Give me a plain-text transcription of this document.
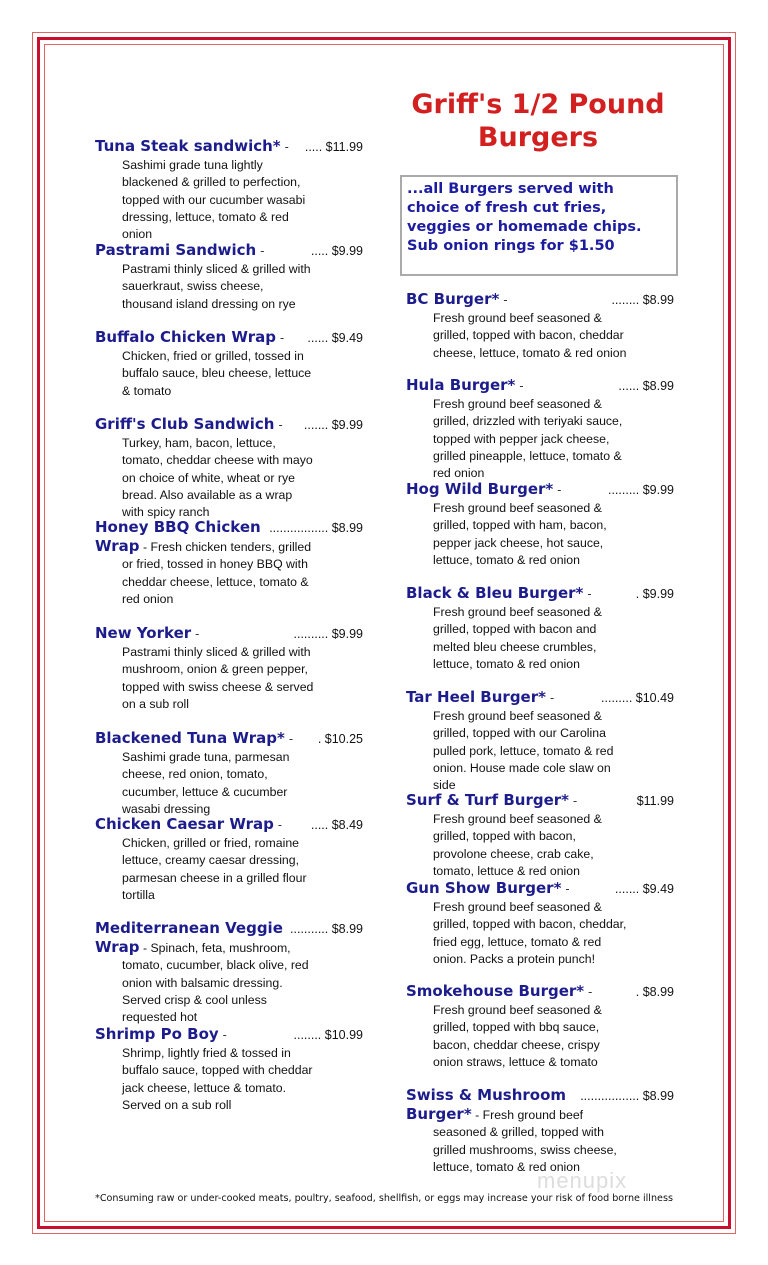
Griff's 1/2 Pound Burgers
...all Burgers served with choice of fresh cut fries, veggies or homemade chips. Sub onion rings for $1.50
Tuna Steak sandwich* - ..... $11.99
Sashimi grade tuna lightly blackened & grilled to perfection, topped with our cucumber wasabi dressing, lettuce, tomato & red onion
Pastrami Sandwich -	..... $9.99
Pastrami thinly sliced & grilled with sauerkraut, swiss cheese, thousand island dressing on rye
Buffalo Chicken Wrap - ...... $9.49
Chicken, fried or grilled, tossed in buffalo sauce, bleu cheese, lettuce & tomato
Griff's Club Sandwich - ....... $9.99
Turkey, ham, bacon, lettuce, tomato, cheddar cheese with mayo on choice of white, wheat or rye bread. Also available as a wrap with spicy ranch
Honey BBQ Chicken ................. $8.99
Wrap - Fresh chicken tenders, grilled
or fried, tossed in honey BBQ with cheddar cheese, lettuce, tomato & red onion
New Yorker -	.......... $9.99
Pastrami thinly sliced & grilled with mushroom, onion & green pepper, topped with swiss cheese & served on a sub roll
Blackened Tuna Wrap* - . $10.25
Sashimi grade tuna, parmesan cheese, red onion, tomato, cucumber, lettuce & cucumber wasabi dressing
Chicken Caesar Wrap - ..... $8.49
Chicken, grilled or fried, romaine lettuce, creamy caesar dressing, parmesan cheese in a grilled flour tortilla
Mediterranean Veggie ........... $8.99
Wrap - Spinach, feta, mushroom,
tomato, cucumber, black olive, red onion with balsamic dressing. Served crisp & cool unless requested hot
Shrimp Po Boy -	........ $10.99
Shrimp, lightly fried & tossed in buffalo sauce, topped with cheddar jack cheese, lettuce & tomato. Served on a sub roll
BC Burger* -	........ $8.99
Fresh ground beef seasoned & grilled, topped with bacon, cheddar cheese, lettuce, tomato & red onion
Hula Burger* -	...... $8.99
Fresh ground beef seasoned & grilled, drizzled with teriyaki sauce, topped with pepper jack cheese, grilled pineapple, lettuce, tomato & red onion
Hog Wild Burger* -	......... $9.99
Fresh ground beef seasoned & grilled, topped with ham, bacon, pepper jack cheese, hot sauce, lettuce, tomato & red onion
Black & Bleu Burger* -	. $9.99
Fresh ground beef seasoned & grilled, topped with bacon and melted bleu cheese crumbles, lettuce, tomato & red onion
Tar Heel Burger* -	......... $10.49
Fresh ground beef seasoned & grilled, topped with our Carolina pulled pork, lettuce, tomato & red onion. House made cole slaw on side
Surf & Turf Burger* -	$11.99
Fresh ground beef seasoned & grilled, topped with bacon, provolone cheese, crab cake, tomato, lettuce & red onion
Gun Show Burger* -	....... $9.49
Fresh ground beef seasoned & grilled, topped with bacon, cheddar, fried egg, lettuce, tomato & red onion. Packs a protein punch!
Smokehouse Burger* -	. $8.99
Fresh ground beef seasoned & grilled, topped with bbq sauce, bacon, cheddar cheese, crispy onion straws, lettuce & tomato
Swiss & Mushroom ................. $8.99
Burger* - Fresh ground beef
seasoned & grilled, topped with grilled mushrooms, swiss cheese, lettuce, tomato & red onion
menupix
*Consuming raw or under-cooked meats, poultry, seafood, shellfish, or eggs may increase your risk of food borne illness
